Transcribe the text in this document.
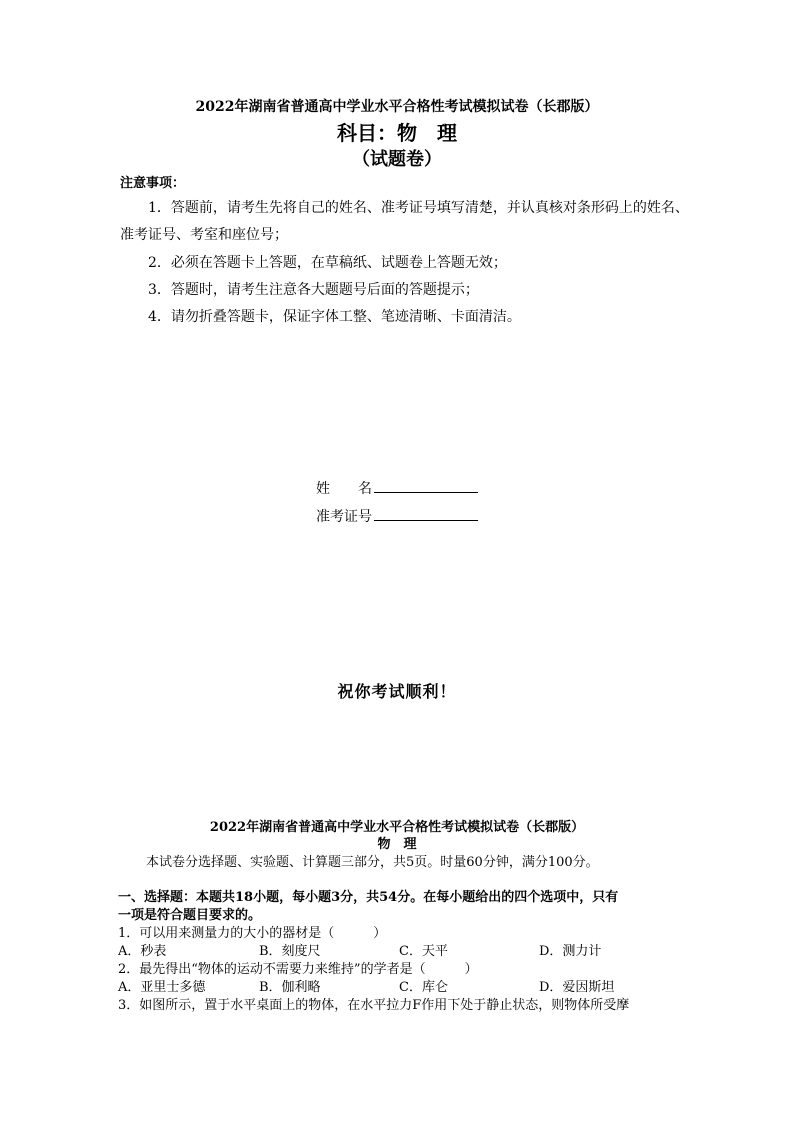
2022年湖南省普通高中学业水平合格性考试模拟试卷（长郡版）
科目：物　理
（试题卷）
注意事项：
1．答题前，请考生先将自己的姓名、准考证号填写清楚，并认真核对条形码上的姓名、
准考证号、考室和座位号；
2．必须在答题卡上答题，在草稿纸、试题卷上答题无效；
3．答题时，请考生注意各大题题号后面的答题提示；
4．请勿折叠答题卡，保证字体工整、笔迹清晰、卡面清洁。
姓　　名
准考证号
祝你考试顺利！
2022年湖南省普通高中学业水平合格性考试模拟试卷（长郡版）
物　理
本试卷分选择题、实验题、计算题三部分，共5页。时量60分钟，满分100分。
一、选择题：本题共18小题，每小题3分，共54分。在每小题给出的四个选项中，只有
一项是符合题目要求的。
1．可以用来测量力的大小的器材是（　　　）
A．秒表	B．刻度尺	C．天平	D．测力计
2．最先得出“物体的运动不需要力来维持”的学者是（　　　）
A．亚里士多德	B．伽利略	C．库仑	D．爱因斯坦
3．如图所示，置于水平桌面上的物体，在水平拉力F作用下处于静止状态，则物体所受摩
